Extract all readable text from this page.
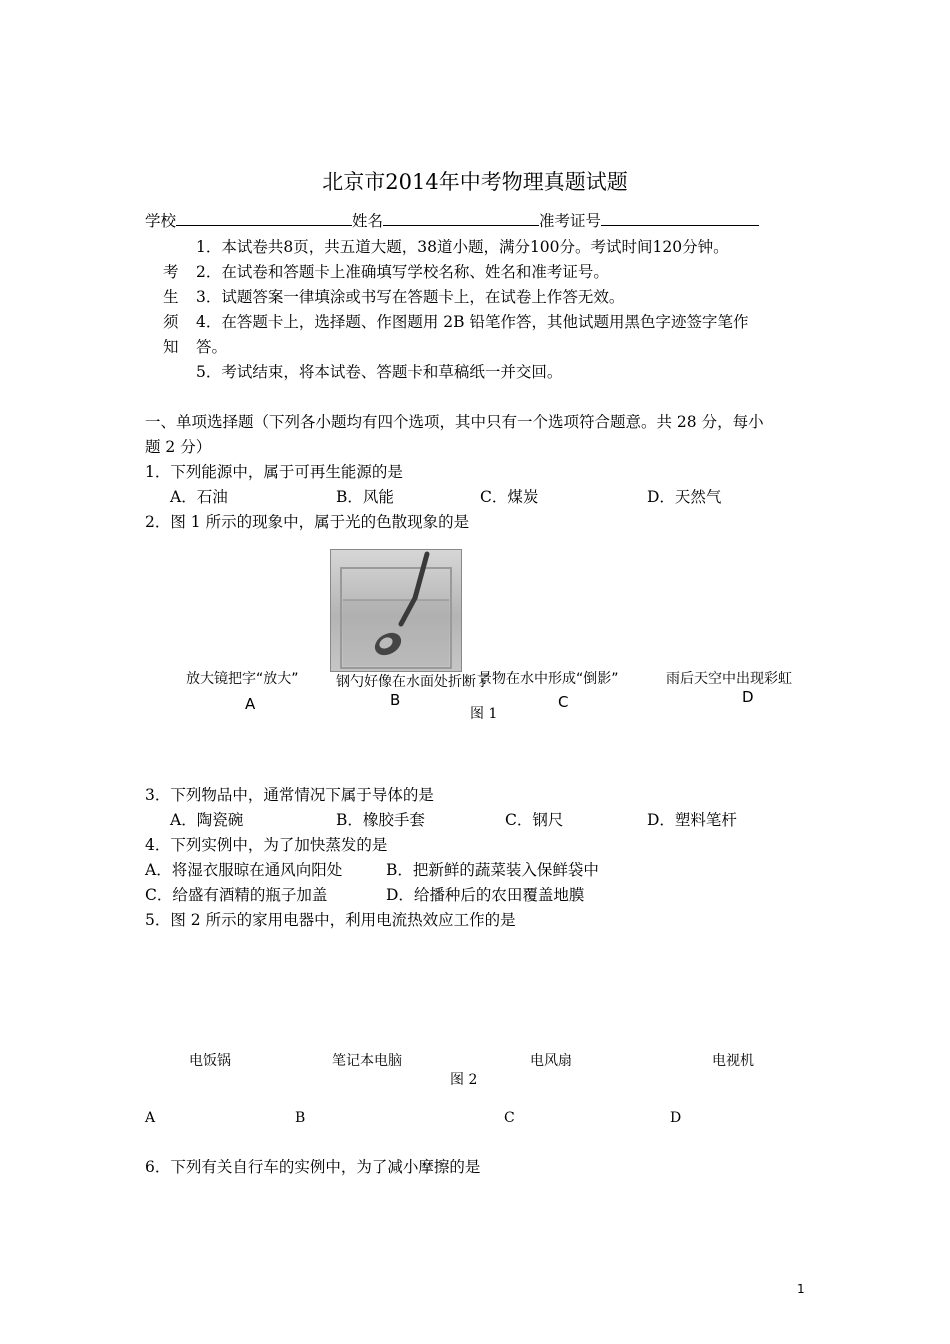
北京市2014年中考物理真题试题
学校	姓名	准考证号
考
生
须
知
1．本试卷共8页，共五道大题，38道小题，满分100分。考试时间120分钟。
2．在试卷和答题卡上准确填写学校名称、姓名和准考证号。
3．试题答案一律填涂或书写在答题卡上，在试卷上作答无效。
4．在答题卡上，选择题、作图题用 2B 铅笔作答，其他试题用黑色字迹签字笔作
答。
5．考试结束，将本试卷、答题卡和草稿纸一并交回。
一、单项选择题（下列各小题均有四个选项，其中只有一个选项符合题意。共 28 分，每小
题 2 分）
1．下列能源中，属于可再生能源的是
A．石油	B．风能	C．煤炭	D．天然气
2．图 1 所示的现象中，属于光的色散现象的是
放大镜把字“放大”	钢勺好像在水面处折断了
景物在水中形成“倒影”	雨后天空中出现彩虹
A	B	C	D
图 1
3．下列物品中，通常情况下属于导体的是
A．陶瓷碗	B．橡胶手套	C．钢尺	D．塑料笔杆
4．下列实例中，为了加快蒸发的是
A．将湿衣服晾在通风向阳处	B．把新鲜的蔬菜装入保鲜袋中
C．给盛有酒精的瓶子加盖	D．给播种后的农田覆盖地膜
5．图 2 所示的家用电器中，利用电流热效应工作的是
电饭锅	笔记本电脑	电风扇	电视机
图 2
A	B	C	D
6．下列有关自行车的实例中，为了减小摩擦的是
1
